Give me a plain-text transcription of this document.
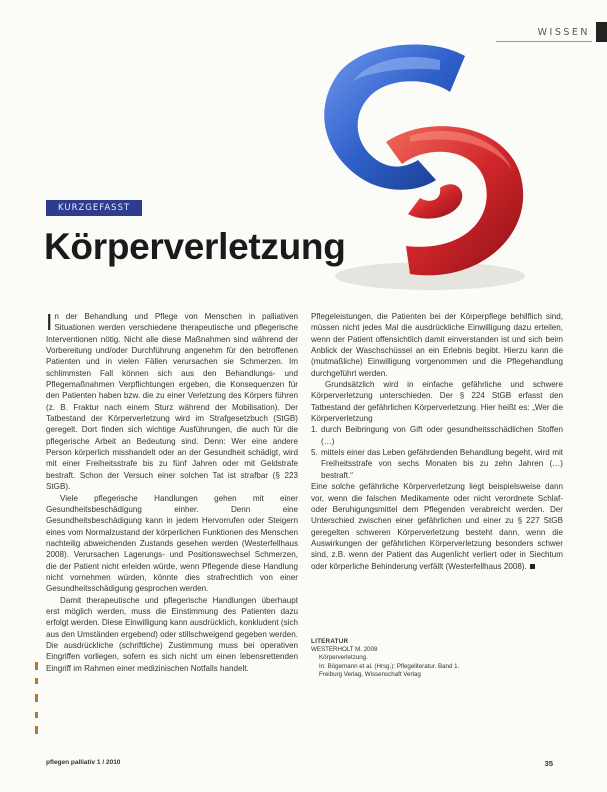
WISSEN
KURZGEFASST
Körperverletzung

In der Behandlung und Pflege von Menschen in palliativen Situationen werden verschiedene therapeutische und pflegerische Interventionen nötig. Nicht alle diese Maßnahmen sind während der Vorbereitung und/oder Durchführung angenehm für den betroffenen Patienten und in vielen Fällen verursachen sie Schmerzen. Im schlimmsten Fall können sich aus den Behandlungs- und Pflegemaßnahmen Verpflichtungen ergeben, die Konsequenzen für den Patienten haben bzw. die zu einer Verletzung des Körpers führen (z. B. Fraktur nach einem Sturz während der Mobilisation). Der Tatbestand der Körperverletzung wird im Strafgesetzbuch (StGB) geregelt. Dort finden sich wichtige Ausführungen, die auch für die pflegerische Arbeit an Bedeutung sind. Denn: Wer eine andere Person körperlich misshandelt oder an der Gesundheit schädigt, wird mit einer Freiheitsstrafe bis zu fünf Jahren oder mit Geldstrafe bestraft. Schon der Versuch einer solchen Tat ist strafbar (§ 223 StGB).

Viele pflegerische Handlungen gehen mit einer Gesundheitsbeschädigung einher. Denn eine Gesundheitsbeschädigung kann in jedem Hervorrufen oder Steigern eines vom Normalzustand der körperlichen Funktionen des Menschen nachteilig abweichenden Zustands gesehen werden (Westerfellhaus 2008). Verursachen Lagerungs- und Positionswechsel Schmerzen, die der Patient nicht erleiden würde, wenn Pflegende diese Handlung nicht vornehmen würden, könnte dies strafrechtlich von einer Gesundheitsschädigung gesprochen werden.

Damit therapeutische und pflegerische Handlungen überhaupt erst möglich werden, muss die Einstimmung des Patienten dazu erfolgt werden. Diese Einwilligung kann ausdrücklich, konkludent (sich aus den Umständen ergebend) oder stillschweigend gegeben werden. Die ausdrückliche (schriftliche) Zustimmung muss bei operativen Eingriffen vorliegen, sofern es sich nicht um einen lebensrettenden Eingriff im Rahmen einer medizinischen Notfalls handelt.

Pflegeleistungen, die Patienten bei der Körperpflege behilflich sind, müssen nicht jedes Mal die ausdrückliche Einwilligung dazu erteilen, wenn der Patient offensichtlich damit einverstanden ist und sich beim Anblick der Waschschüssel an ein Erlebnis begibt. Hierzu kann die (mutmaßliche) Einwilligung vorgenommen und die Pflegehandlung durchgeführt werden.

Grundsätzlich wird in einfache gefährliche und schwere Körperverletzung unterschieden. Der § 224 StGB erfasst den Tatbestand der gefährlichen Körperverletzung. Hier heißt es: „Wer die Körperverletzung

1. durch Beibringung von Gift oder gesundheitsschädlichen Stoffen (…)
5. mittels einer das Leben gefährdenden Behandlung begeht, wird mit Freiheitsstrafe von sechs Monaten bis zu zehn Jahren (…) bestraft.“

Eine solche gefährliche Körperverletzung liegt beispielsweise dann vor, wenn die falschen Medikamente oder nicht verordnete Schlaf- oder Beruhigungsmittel dem Pflegenden verabreicht werden. Der Unterschied zwischen einer gefährlichen und einer zu § 227 StGB geregelten schweren Körperverletzung besteht dann, wenn die Auswirkungen der gefährlichen Körperverletzung besonders schwer sind, z.B. wenn der Patient das Augenlicht verliert oder in Siechtum oder körperliche Behinderung verfällt (Westerfellhaus 2008).

LITERATUR
WESTERHOLT M. 2008
Körperverletzung.
In: Bögemann et al. (Hrsg.): Pflegeliteratur. Band 1.
Freiburg Verlag, Wissenschaft Verlag
pflegen palliativ 1 / 2010	35
